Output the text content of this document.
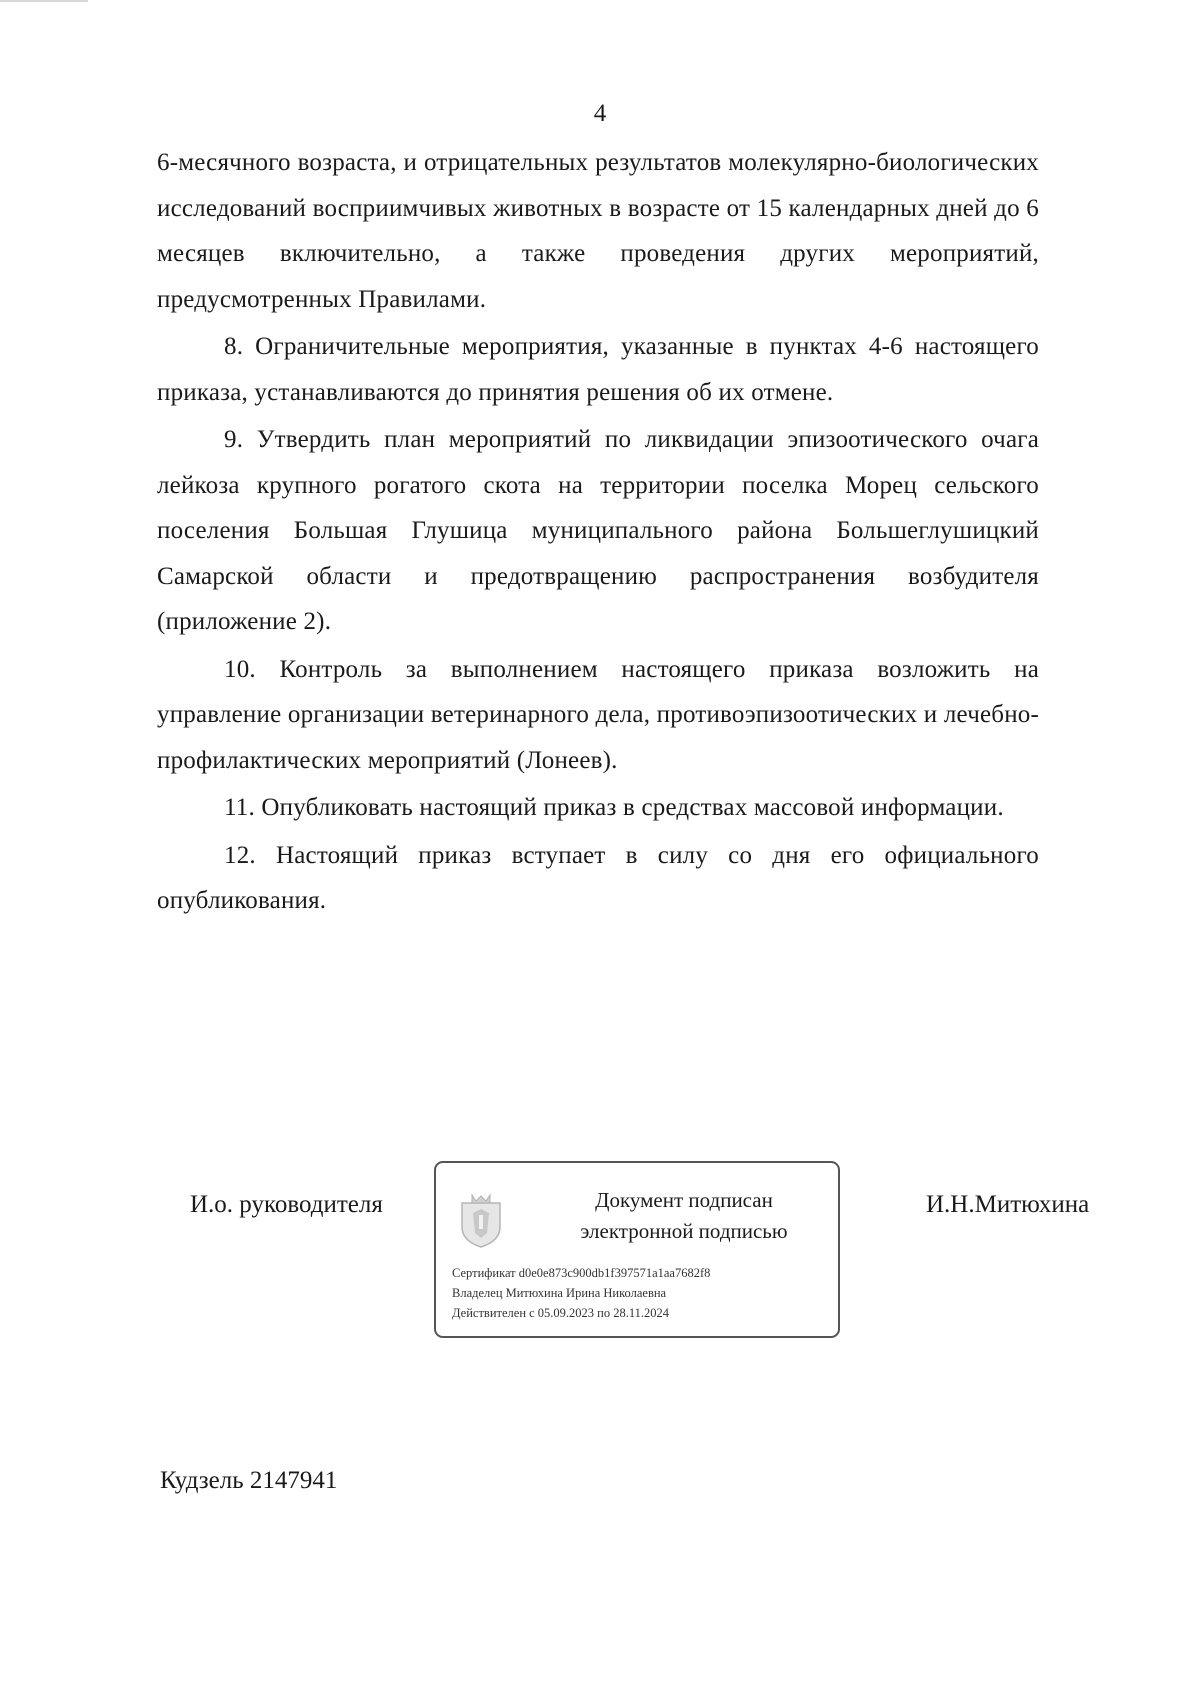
4

6-месячного возраста, и отрицательных результатов молекулярно-биологических исследований восприимчивых животных в возрасте от 15 календарных дней до 6 месяцев включительно, а также проведения других мероприятий, предусмотренных Правилами.

8. Ограничительные мероприятия, указанные в пунктах 4-6 настоящего приказа, устанавливаются до принятия решения об их отмене.

9. Утвердить план мероприятий по ликвидации эпизоотического очага лейкоза крупного рогатого скота на территории поселка Морец сельского поселения Большая Глушица муниципального района Большеглушицкий Самарской области и предотвращению распространения возбудителя (приложение 2).

10. Контроль за выполнением настоящего приказа возложить на управление организации ветеринарного дела, противоэпизоотических и лечебно-профилактических мероприятий (Лонеев).

11. Опубликовать настоящий приказ в средствах массовой информации.

12. Настоящий приказ вступает в силу со дня его официального опубликования.

И.о. руководителя	Документ подписан
электронной подписью
Сертификат d0e0e873c900db1f397571a1aa7682f8
Владелец Митюхина Ирина Николаевна
Действителен с 05.09.2023 по 28.11.2024
И.Н.Митюхина
Кудзель 2147941
